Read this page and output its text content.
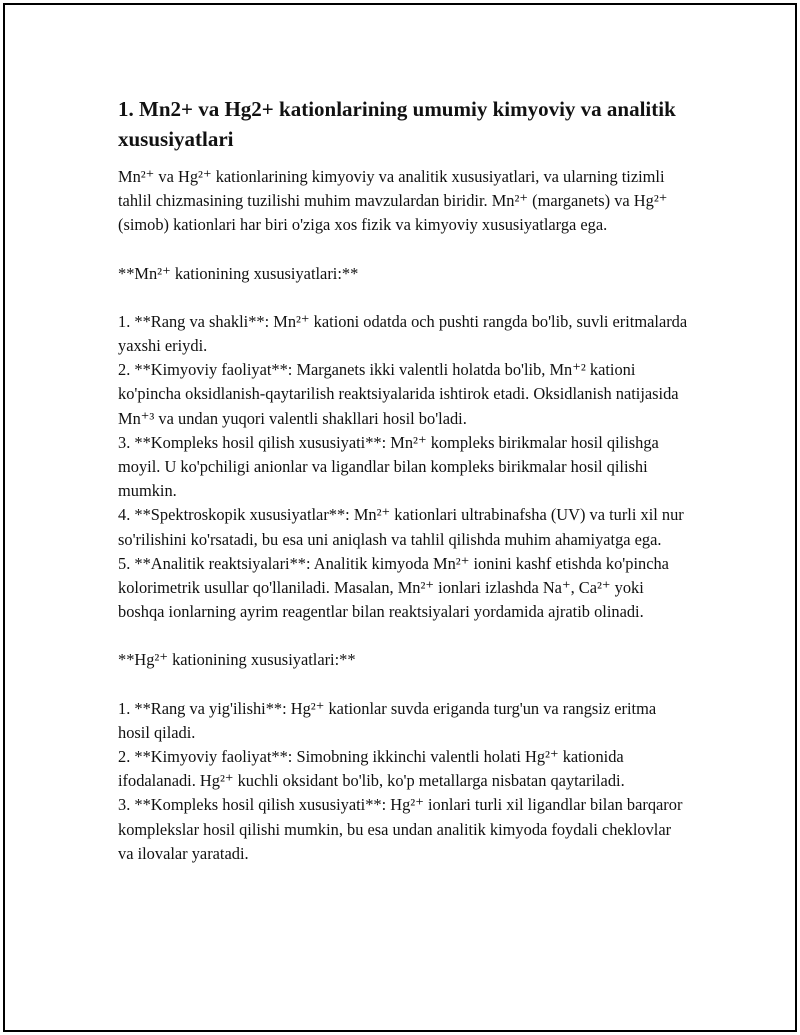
1. Mn2+ va Hg2+ kationlarining umumiy kimyoviy va analitik xususiyatlari

Mn²⁺ va Hg²⁺ kationlarining kimyoviy va analitik xususiyatlari, va ularning tizimli tahlil chizmasining tuzilishi muhim mavzulardan biridir. Mn²⁺ (marganets) va Hg²⁺ (simob) kationlari har biri o'ziga xos fizik va kimyoviy xususiyatlarga ega.

**Mn²⁺ kationining xususiyatlari:**

1. **Rang va shakli**: Mn²⁺ kationi odatda och pushti rangda bo'lib, suvli eritmalarda yaxshi eriydi.

2. **Kimyoviy faoliyat**: Marganets ikki valentli holatda bo'lib, Mn⁺² kationi ko'pincha oksidlanish-qaytarilish reaktsiyalarida ishtirok etadi. Oksidlanish natijasida Mn⁺³ va undan yuqori valentli shakllari hosil bo'ladi.

3. **Kompleks hosil qilish xususiyati**: Mn²⁺ kompleks birikmalar hosil qilishga moyil. U ko'pchiligi anionlar va ligandlar bilan kompleks birikmalar hosil qilishi mumkin.

4. **Spektroskopik xususiyatlar**: Mn²⁺ kationlari ultrabinafsha (UV) va turli xil nur so'rilishini ko'rsatadi, bu esa uni aniqlash va tahlil qilishda muhim ahamiyatga ega.

5. **Analitik reaktsiyalari**: Analitik kimyoda Mn²⁺ ionini kashf etishda ko'pincha kolorimetrik usullar qo'llaniladi. Masalan, Mn²⁺ ionlari izlashda Na⁺, Ca²⁺ yoki boshqa ionlarning ayrim reagentlar bilan reaktsiyalari yordamida ajratib olinadi.

**Hg²⁺ kationining xususiyatlari:**

1. **Rang va yig'ilishi**: Hg²⁺ kationlar suvda eriganda turg'un va rangsiz eritma hosil qiladi.

2. **Kimyoviy faoliyat**: Simobning ikkinchi valentli holati Hg²⁺ kationida ifodalanadi. Hg²⁺ kuchli oksidant bo'lib, ko'p metallarga nisbatan qaytariladi.

3. **Kompleks hosil qilish xususiyati**: Hg²⁺ ionlari turli xil ligandlar bilan barqaror komplekslar hosil qilishi mumkin, bu esa undan analitik kimyoda foydali cheklovlar va ilovalar yaratadi.
